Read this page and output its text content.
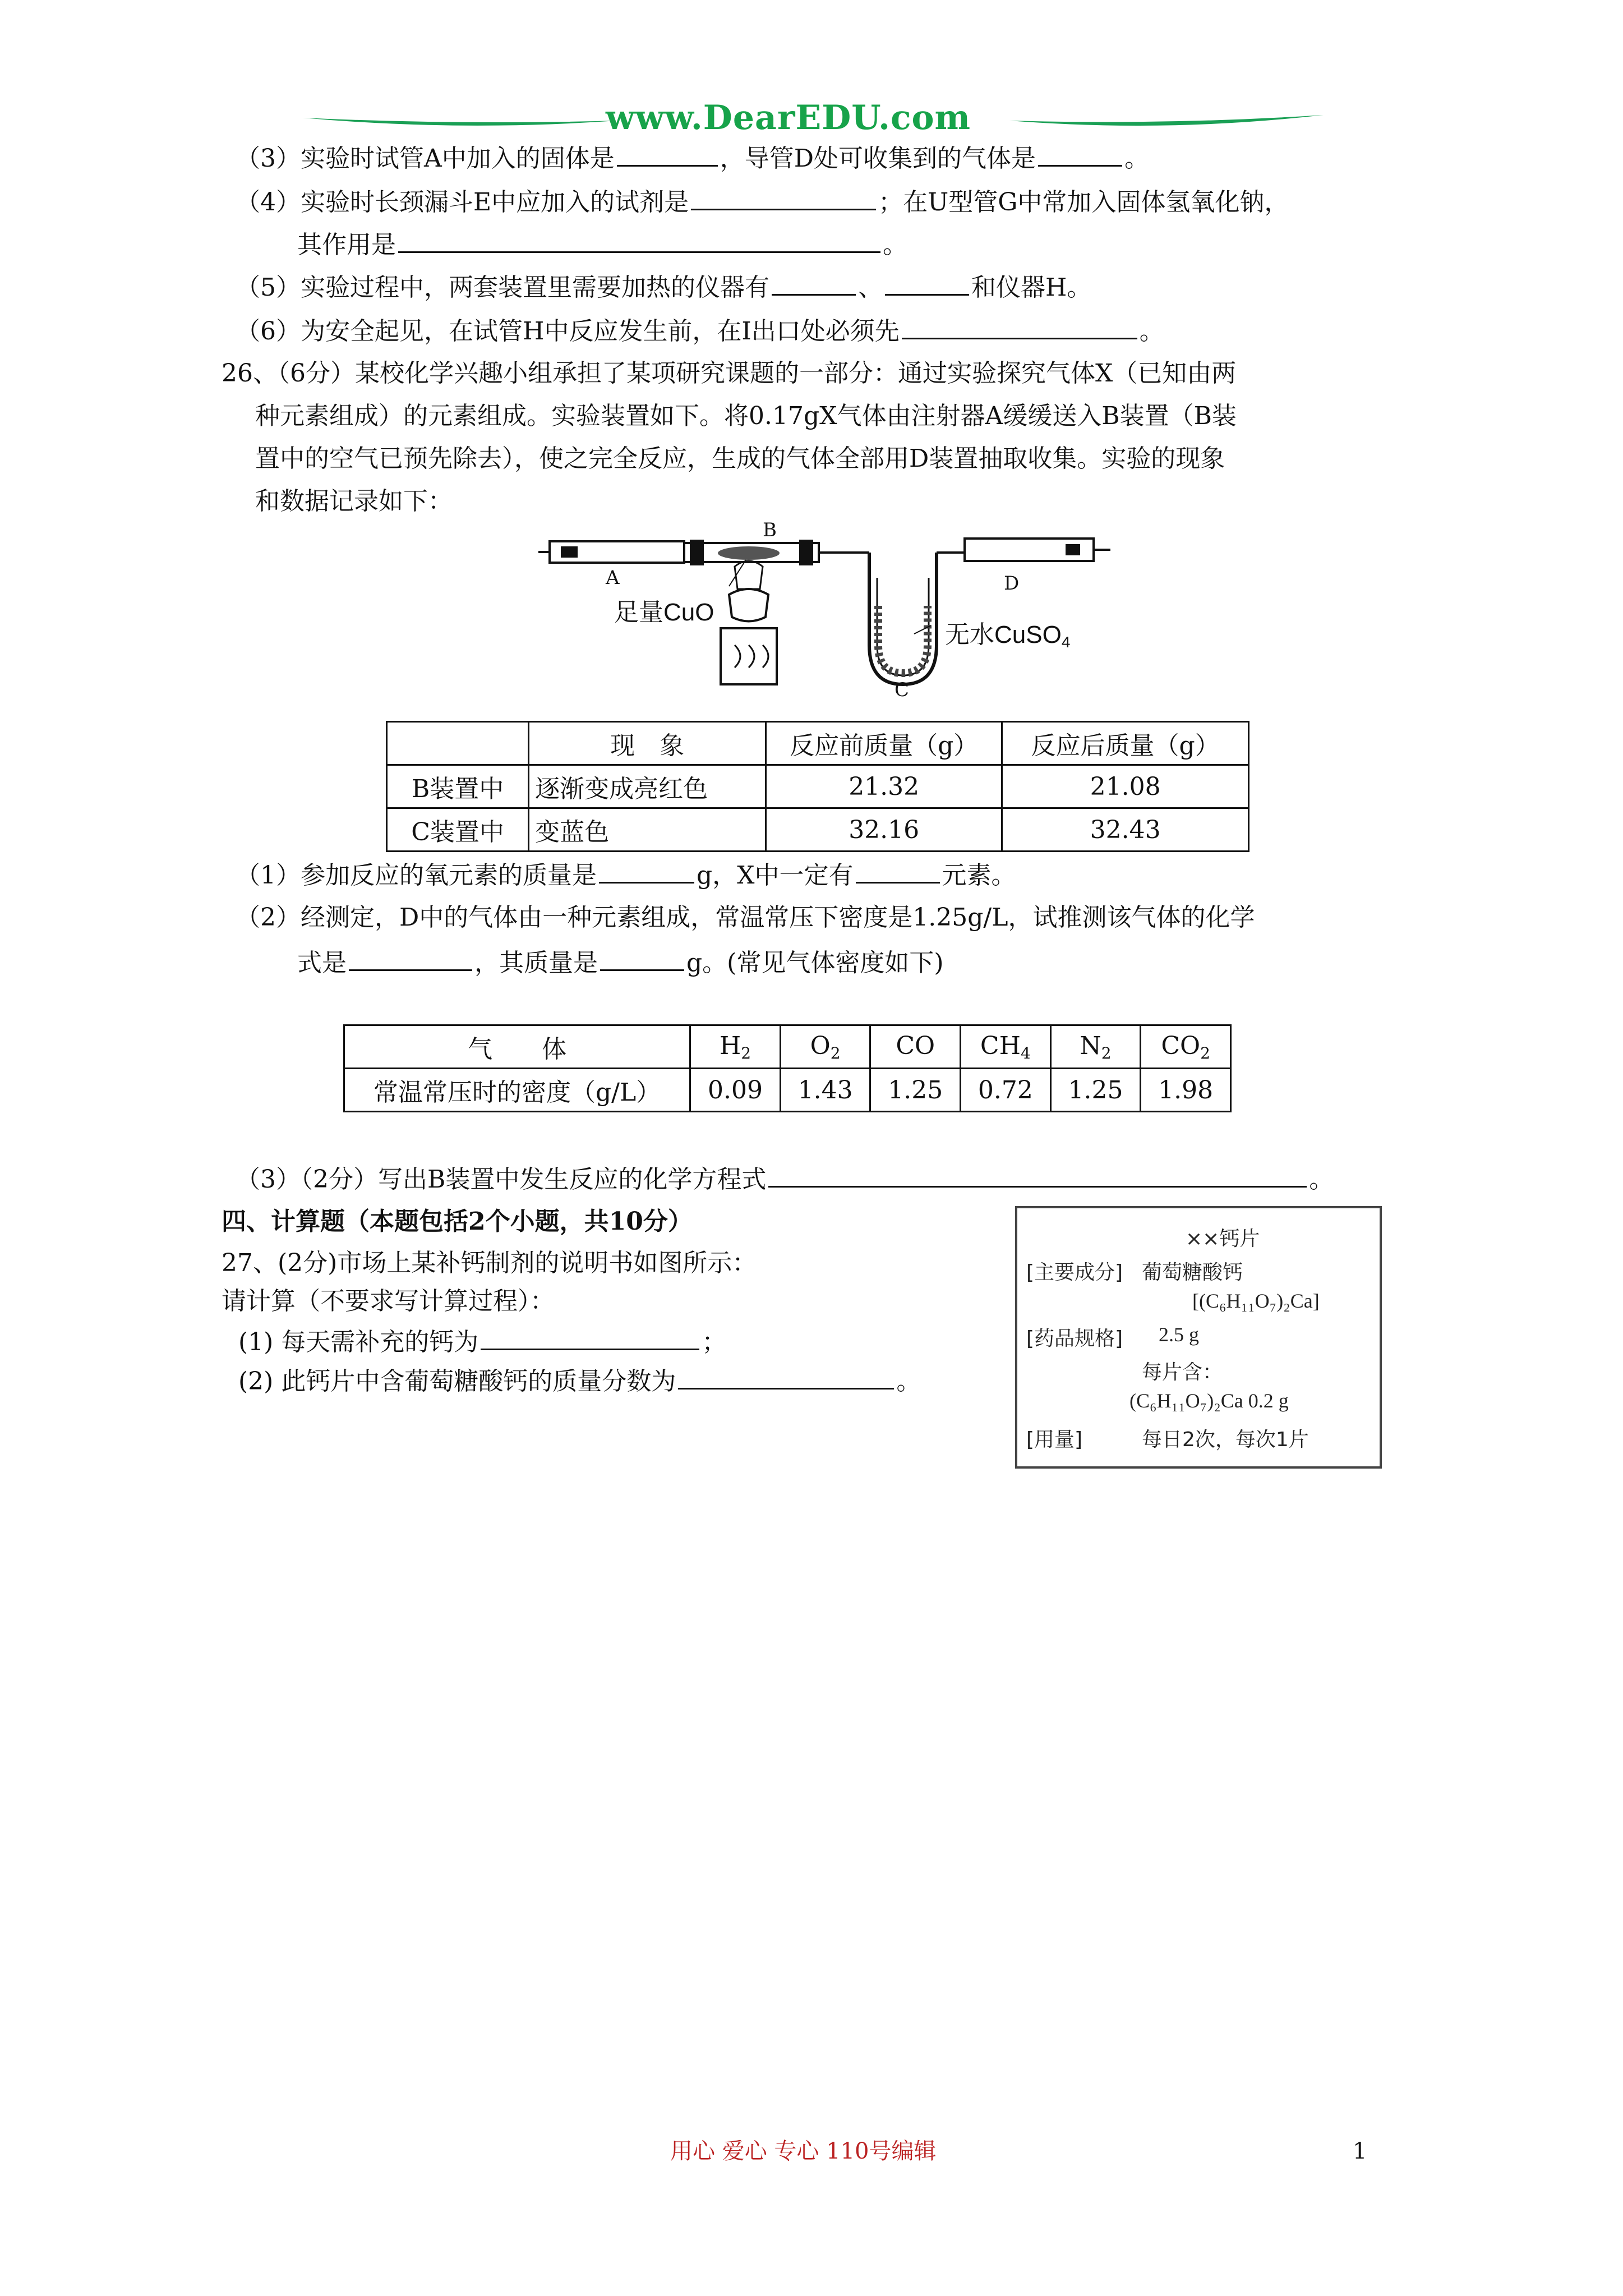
www.DearEDU.com
（3）实验时试管A中加入的固体是	，导管D处可收集到的气体是	。
（4）实验时长颈漏斗E中应加入的试剂是	；在U型管G中常加入固体氢氧化钠，
其作用是	。
（5）实验过程中，两套装置里需要加热的仪器有	、	和仪器H。
（6）为安全起见，在试管H中反应发生前，在I出口处必须先	。
26、（6分）某校化学兴趣小组承担了某项研究课题的一部分：通过实验探究气体X（已知由两
种元素组成）的元素组成。实验装置如下。将0.17gX气体由注射器A缓缓送入B装置（B装
置中的空气已预先除去），使之完全反应，生成的气体全部用D装置抽取收集。实验的现象
和数据记录如下：
A
B
C
D
足量CuO
无水CuSO$_4$
	现　象	反应前质量（g）	反应后质量（g）
B装置中	逐渐变成亮红色	21.32	21.08
C装置中	变蓝色	32.16	32.43
（1）参加反应的氧元素的质量是	g，X中一定有	元素。
（2）经测定，D中的气体由一种元素组成，常温常压下密度是1.25g/L，试推测该气体的化学
式是	，其质量是	g。(常见气体密度如下)
气　　体	$H_2$	$O_2$	CO	$CH_4$	$N_2$	$CO_2$
常温常压时的密度（g/L）	0.09	1.43	1.25	0.72	1.25	1.98
（3）（2分）写出B装置中发生反应的化学方程式	。
四、计算题（本题包括2个小题，共10分）
27、(2分)市场上某补钙制剂的说明书如图所示：
请计算（不要求写计算过程）：
(1) 每天需补充的钙为	；
(2) 此钙片中含葡萄糖酸钙的质量分数为	。
××钙片
[主要成分] 葡萄糖酸钙
[(C₆H₁₁O₇)₂Ca]
[药品规格] 2.5 g
每片含：
(C₆H₁₁O₇)₂Ca 0.2 g
[用量]	每日2次，每次1片
用心 爱心 专心 110号编辑	1
